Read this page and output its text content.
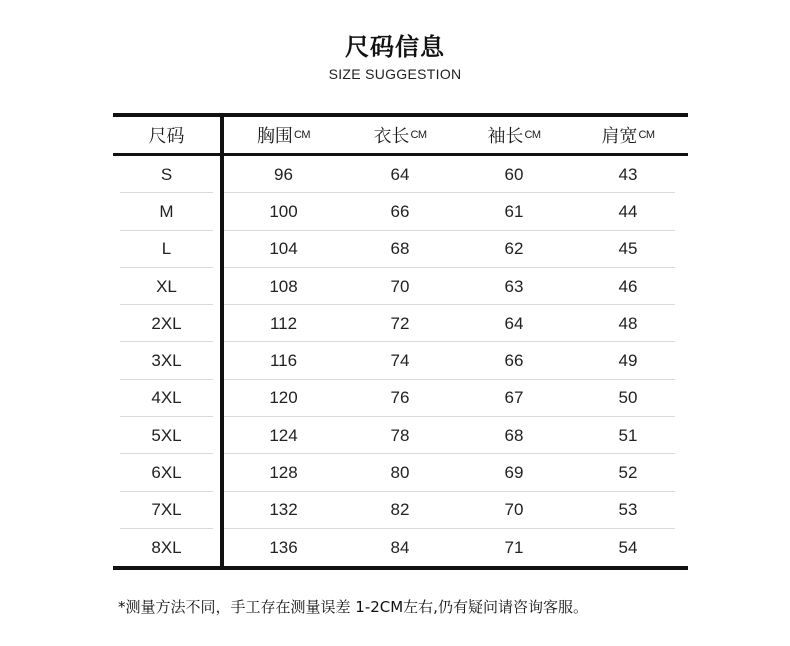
尺码信息
SIZE SUGGESTION
尺码	胸围 CM	衣长 CM	袖长 CM	肩宽 CM
S	96	64	60	43
M	100	66	61	44
L	104	68	62	45
XL	108	70	63	46
2XL	112	72	64	48
3XL	116	74	66	49
4XL	120	76	67	50
5XL	124	78	68	51
6XL	128	80	69	52
7XL	132	82	70	53
8XL	136	84	71	54
*测量方法不同，手工存在测量误差 1-2CM左右,仍有疑问请咨询客服。
